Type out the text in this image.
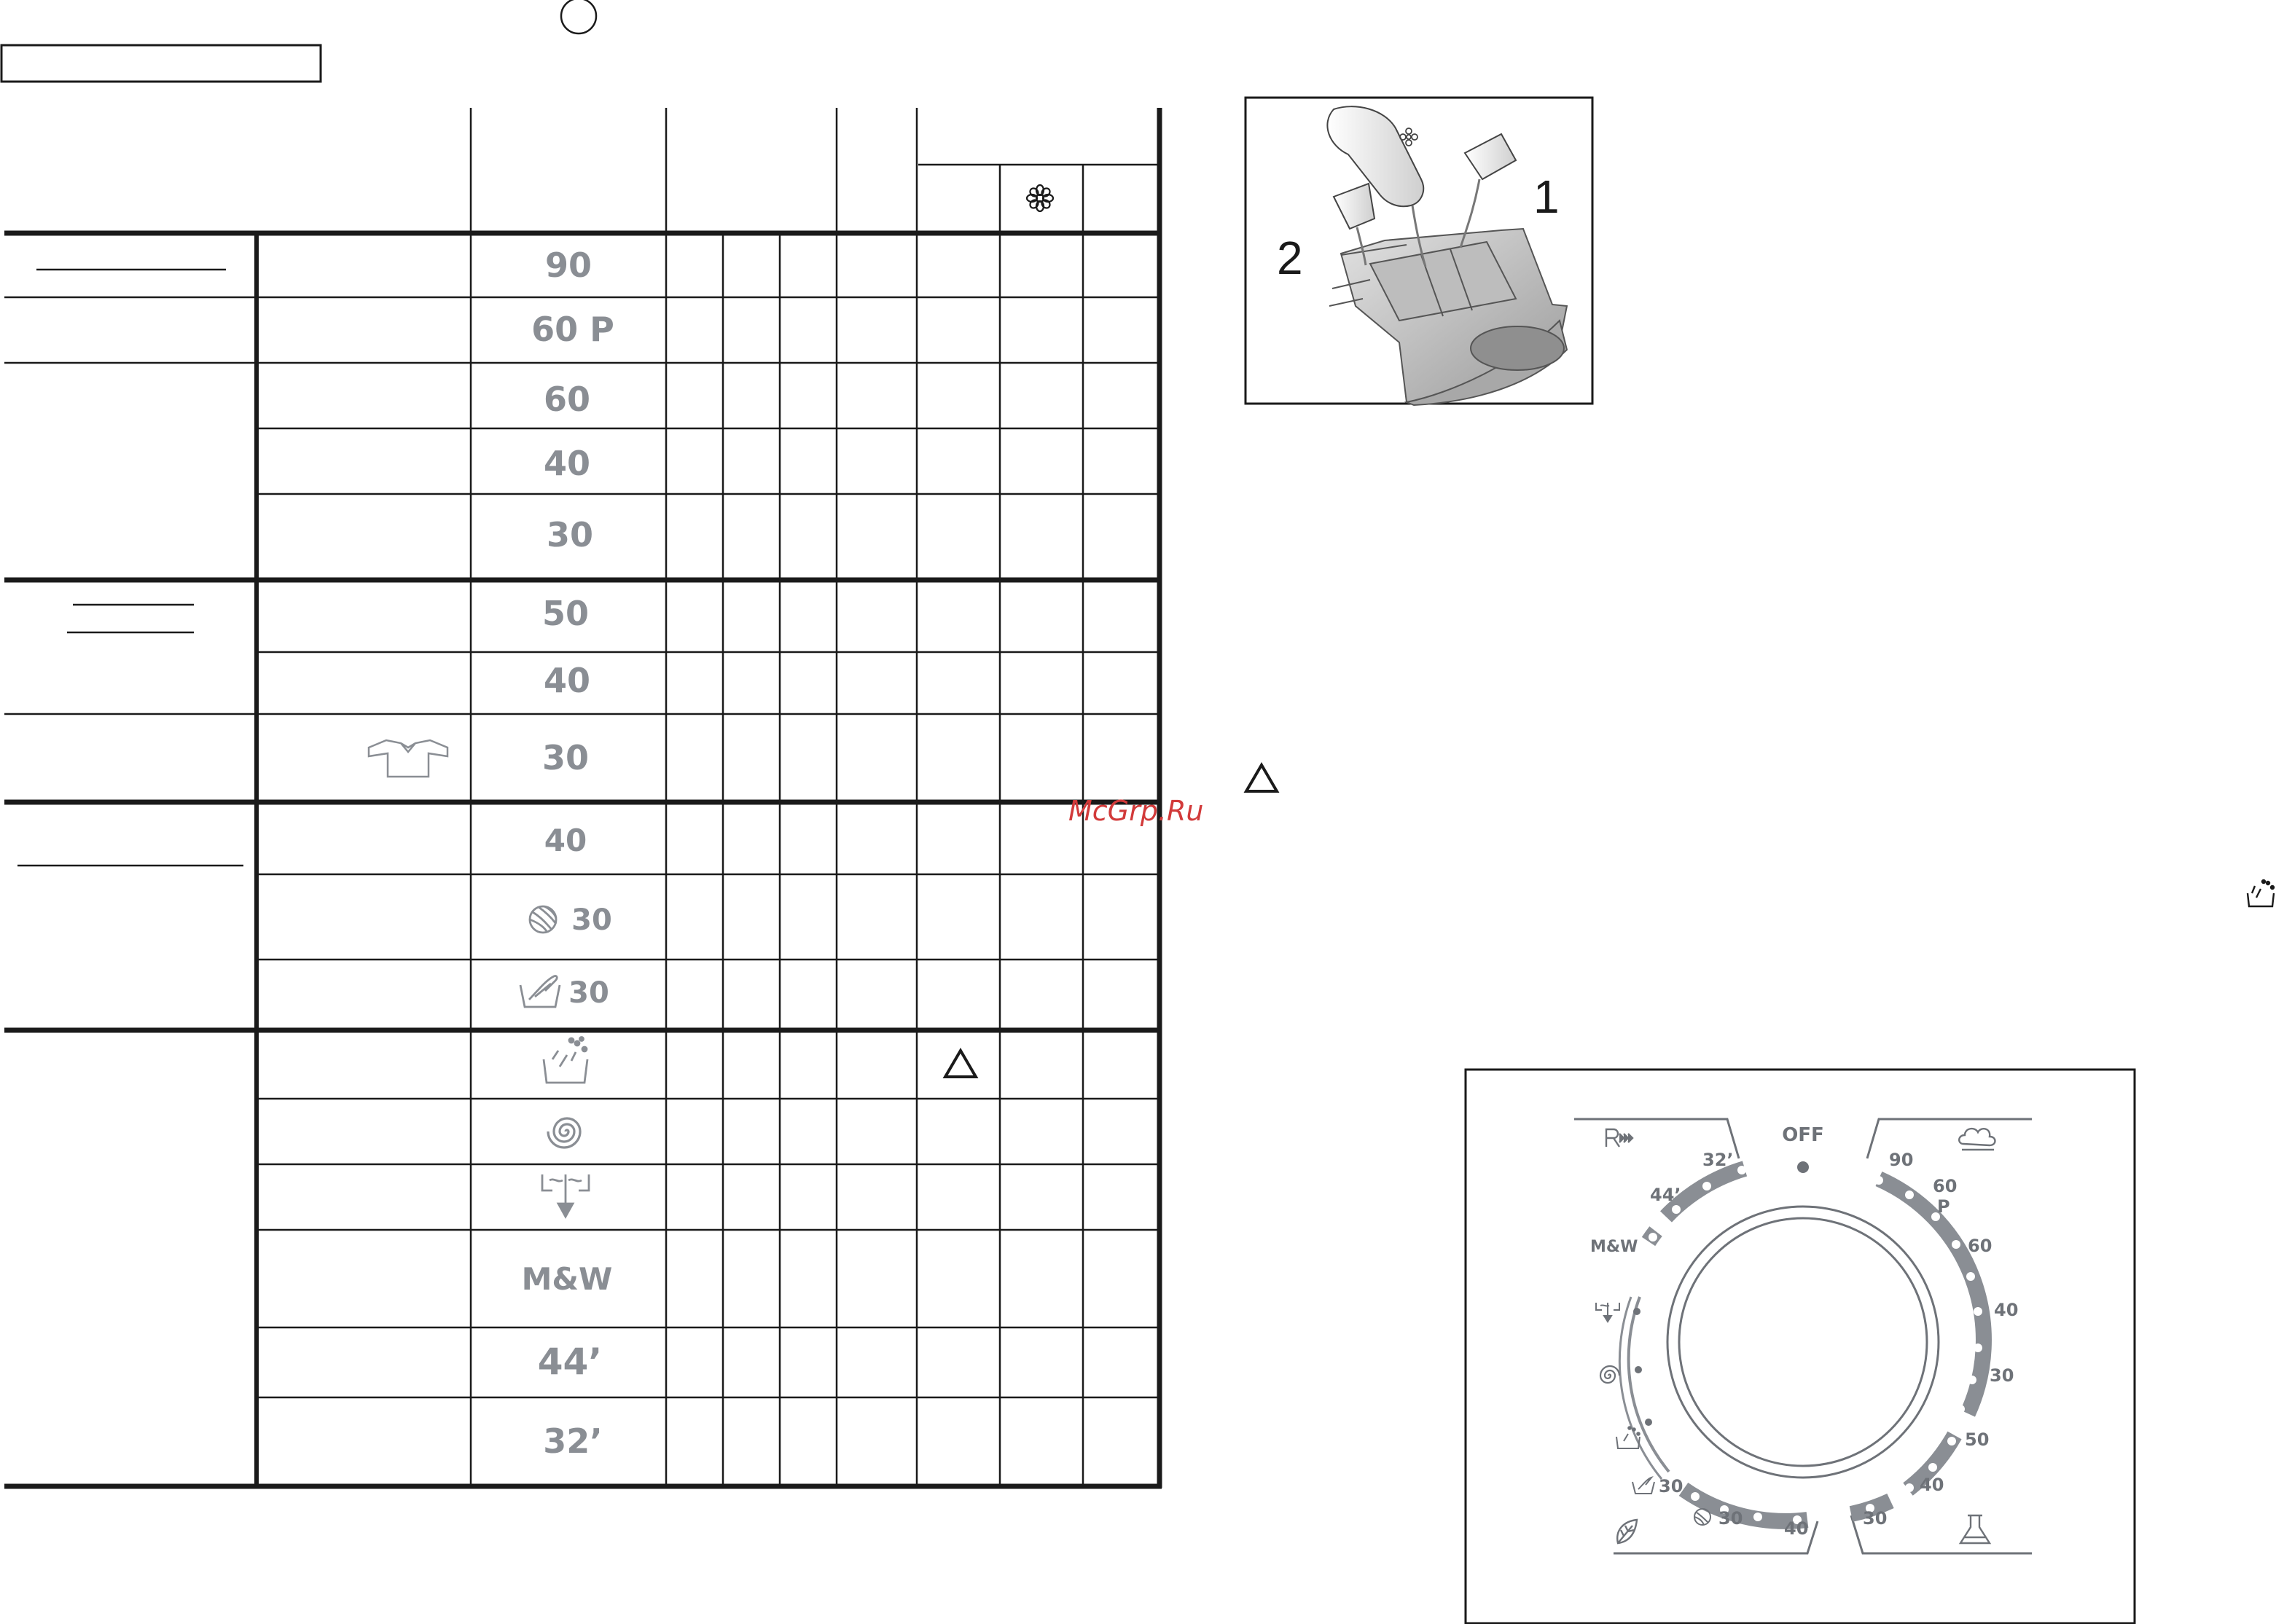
90
60 P
60
40
30
50
40
30
40
30
30
M&W
44’
32’
1
2
McGrp.Ru
OFF
90
60
P
60
40
30
50
40
30
32’
44’
M&W
30
30 40
